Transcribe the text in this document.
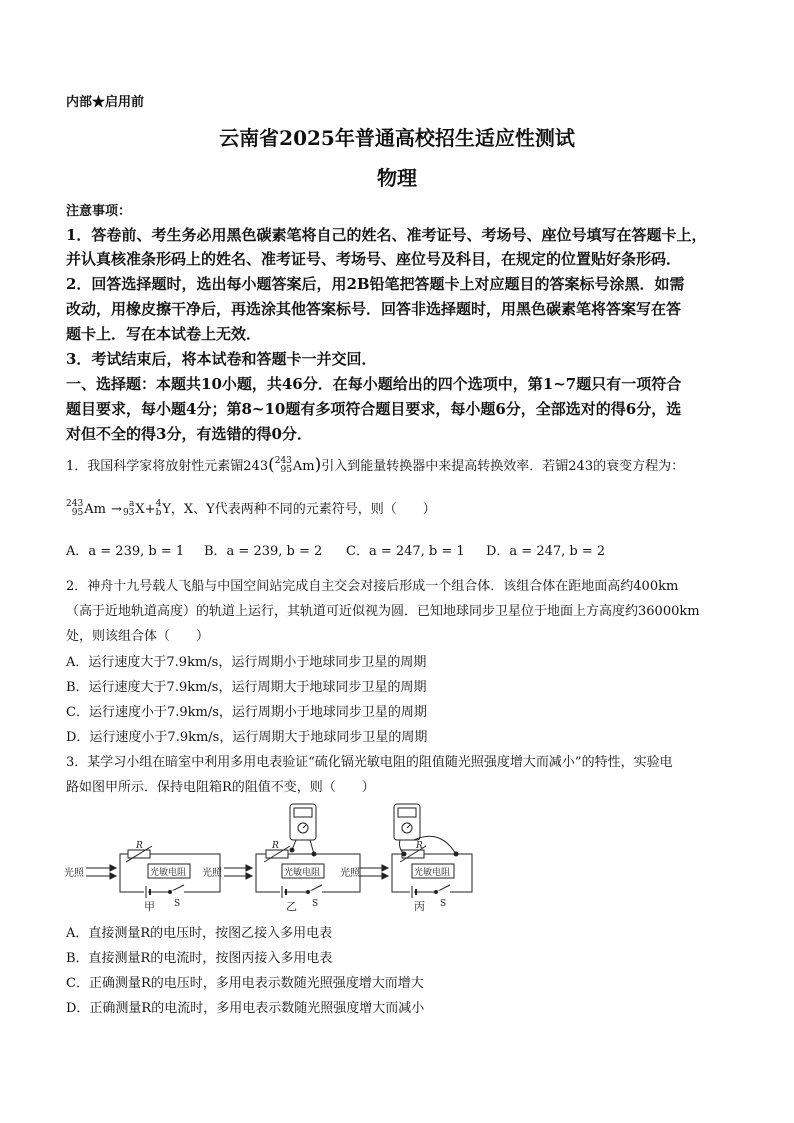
内部★启用前
云南省2025年普通高校招生适应性测试
物理
注意事项：
1．答卷前、考生务必用黑色碳素笔将自己的姓名、准考证号、考场号、座位号填写在答题卡上，
并认真核准条形码上的姓名、准考证号、考场号、座位号及科目，在规定的位置贴好条形码．
2．回答选择题时，选出每小题答案后，用2B铅笔把答题卡上对应题目的答案标号涂黑．如需
改动，用橡皮擦干净后，再选涂其他答案标号．回答非选择题时，用黑色碳素笔将答案写在答
题卡上．写在本试卷上无效．
3．考试结束后，将本试卷和答题卡一并交回．
一、选择题：本题共10小题，共46分．在每小题给出的四个选项中，第1~7题只有一项符合
题目要求，每小题4分；第8~10题有多项符合题目要求，每小题6分，全部选对的得6分，选
对但不全的得3分，有选错的得0分．
1．我国科学家将放射性元素镅243( 243
95 Am)引入到能量转换器中来提高转换效率．若镅243的衰变方程为：
243
95 Am → a
93 X+ 4
b Y，X、Y代表两种不同的元素符号，则（　　）
A．a = 239, b = 1 B．a = 239, b = 2 C．a = 247, b = 1 D．a = 247, b = 2
2．神舟十九号载人飞船与中国空间站完成自主交会对接后形成一个组合体．该组合体在距地面高约400km
（高于近地轨道高度）的轨道上运行，其轨道可近似视为圆．已知地球同步卫星位于地面上方高度约36000km
处，则该组合体（　　）
A．运行速度大于7.9km/s，运行周期小于地球同步卫星的周期
B．运行速度大于7.9km/s，运行周期大于地球同步卫星的周期
C．运行速度小于7.9km/s，运行周期小于地球同步卫星的周期
D．运行速度小于7.9km/s，运行周期大于地球同步卫星的周期
3．某学习小组在暗室中利用多用电表验证“硫化镉光敏电阻的阻值随光照强度增大而减小”的特性，实验电
路如图甲所示．保持电阻箱R的阻值不变，则（　　）
光照
R
光敏电阻
S
甲
光照
R
光敏电阻
S
乙
光照
R
光敏电阻
S
丙
A．直接测量R的电压时，按图乙接入多用电表
B．直接测量R的电流时，按图丙接入多用电表
C．正确测量R的电压时，多用电表示数随光照强度增大而增大
D．正确测量R的电流时，多用电表示数随光照强度增大而减小
